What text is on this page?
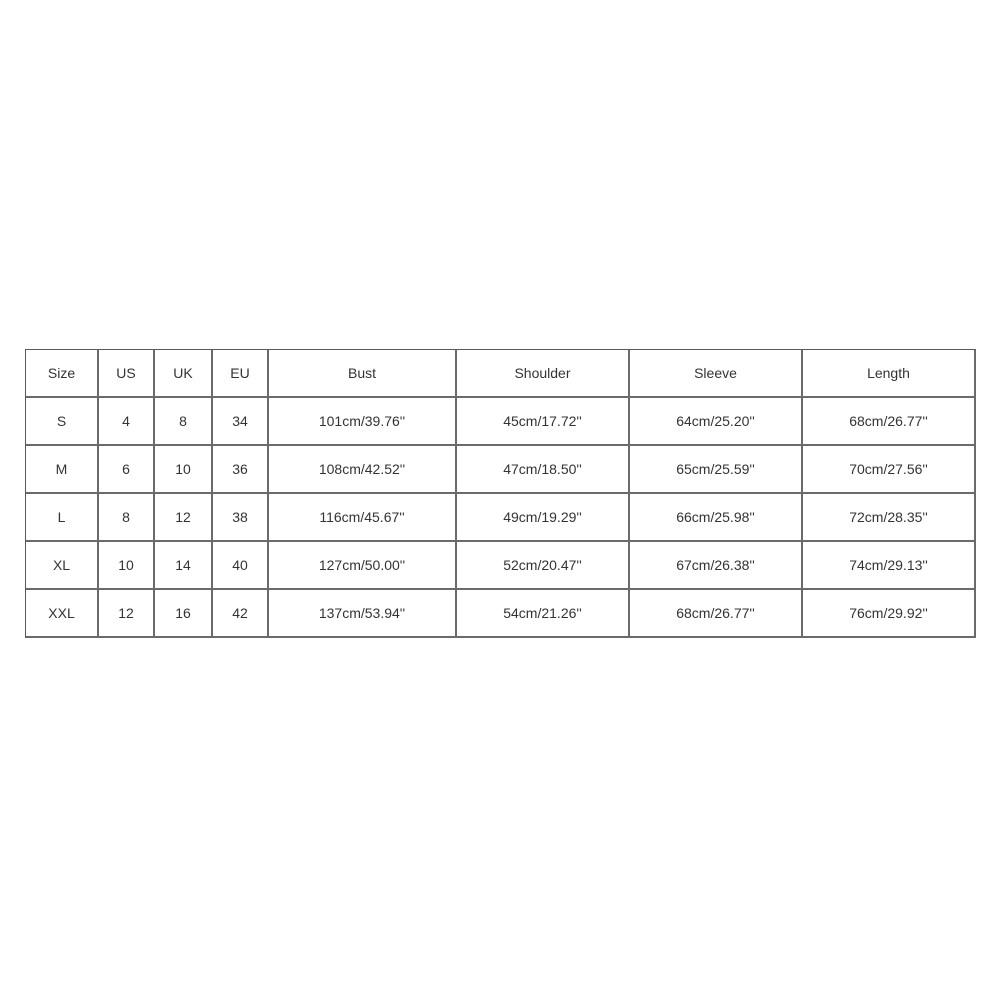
Size	US	UK	EU	Bust	Shoulder	Sleeve	Length
S	4	8	34	101cm/39.76''	45cm/17.72''	64cm/25.20''	68cm/26.77''
M	6	10	36	108cm/42.52''	47cm/18.50''	65cm/25.59''	70cm/27.56''
L	8	12	38	116cm/45.67''	49cm/19.29''	66cm/25.98''	72cm/28.35''
XL	10	14	40	127cm/50.00''	52cm/20.47''	67cm/26.38''	74cm/29.13''
XXL	12	16	42	137cm/53.94''	54cm/21.26''	68cm/26.77''	76cm/29.92''
